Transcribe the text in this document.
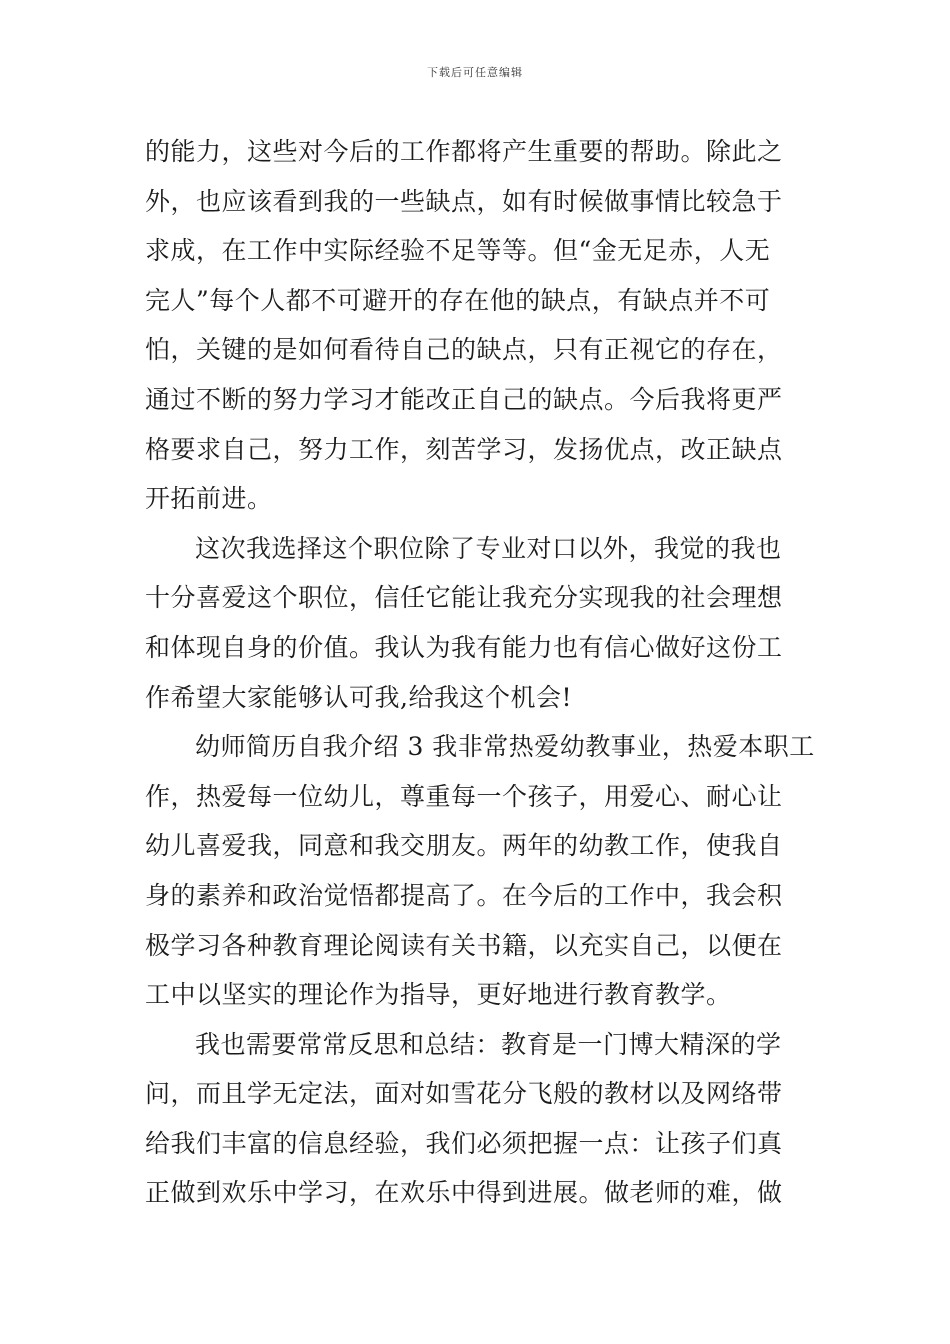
下载后可任意编辑
的能力，这些对今后的工作都将产生重要的帮助。除此之
外，也应该看到我的一些缺点，如有时候做事情比较急于
求成，在工作中实际经验不足等等。但“金无足赤，人无
完人”每个人都不可避开的存在他的缺点，有缺点并不可
怕，关键的是如何看待自己的缺点，只有正视它的存在，
通过不断的努力学习才能改正自己的缺点。今后我将更严
格要求自己，努力工作，刻苦学习，发扬优点，改正缺点
开拓前进。
这次我选择这个职位除了专业对口以外，我觉的我也
十分喜爱这个职位，信任它能让我充分实现我的社会理想
和体现自身的价值。我认为我有能力也有信心做好这份工
作希望大家能够认可我,给我这个机会!
幼师简历自我介绍 3 我非常热爱幼教事业，热爱本职工
作，热爱每一位幼儿，尊重每一个孩子，用爱心、耐心让
幼儿喜爱我，同意和我交朋友。两年的幼教工作，使我自
身的素养和政治觉悟都提高了。在今后的工作中，我会积
极学习各种教育理论阅读有关书籍，以充实自己，以便在
工中以坚实的理论作为指导，更好地进行教育教学。
我也需要常常反思和总结：教育是一门博大精深的学
问，而且学无定法，面对如雪花分飞般的教材以及网络带
给我们丰富的信息经验，我们必须把握一点：让孩子们真
正做到欢乐中学习，在欢乐中得到进展。做老师的难，做
